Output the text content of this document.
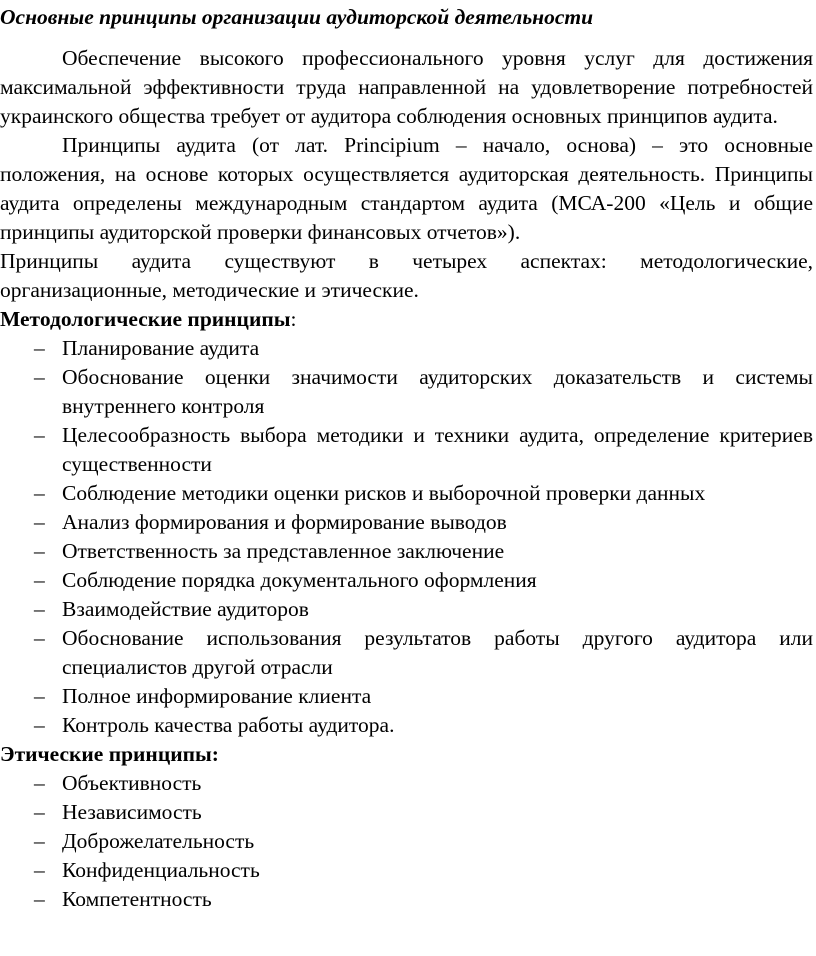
Основные принципы организации аудиторской деятельности

Обеспечение высокого профессионального уровня услуг для достижения максимальной эффективности труда направленной на удовлетворение потребностей украинского общества требует от аудитора соблюдения основных принципов аудита.

Принципы аудита (от лат. Principium – начало, основа) – это основные положения, на основе которых осуществляется аудиторская деятельность. Принципы аудита определены международным стандартом аудита (МСА-200 «Цель и общие принципы аудиторской проверки финансовых отчетов»).

Принципы аудита существуют в четырех аспектах: методологические, организационные, методические и этические.

Методологические принципы:
– Планирование аудита
– Обоснование оценки значимости аудиторских доказательств и системы внутреннего контроля
– Целесообразность выбора методики и техники аудита, определение критериев существенности
– Соблюдение методики оценки рисков и выборочной проверки данных
– Анализ формирования и формирование выводов
– Ответственность за представленное заключение
– Соблюдение порядка документального оформления
– Взаимодействие аудиторов
– Обоснование использования результатов работы другого аудитора или специалистов другой отрасли
– Полное информирование клиента
– Контроль качества работы аудитора.
Этические принципы:
– Объективность
– Независимость
– Доброжелательность
– Конфиденциальность
– Компетентность
